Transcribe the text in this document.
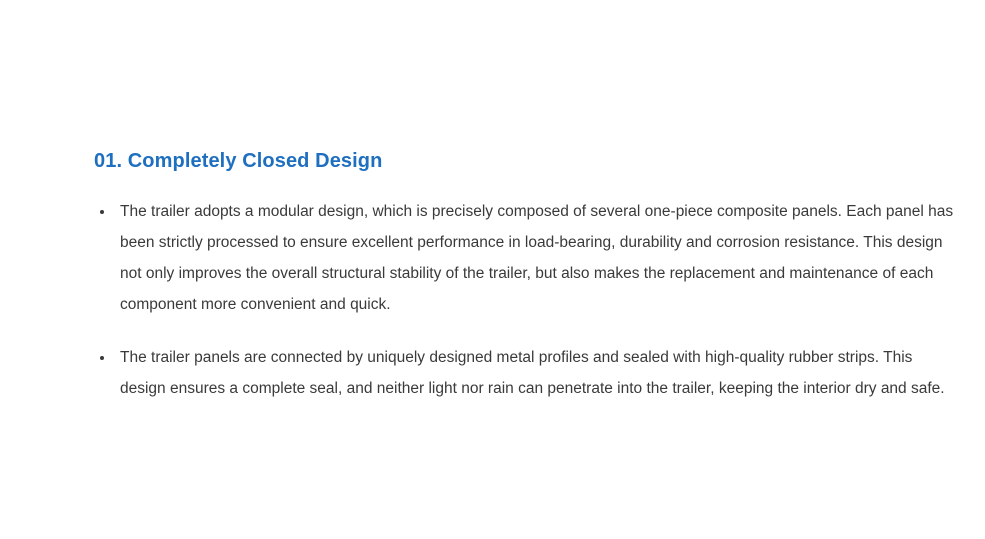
01. Completely Closed Design
The trailer adopts a modular design, which is precisely composed of several one-piece composite panels. Each panel has been strictly processed to ensure excellent performance in load-bearing, durability and corrosion resistance. This design not only improves the overall structural stability of the trailer, but also makes the replacement and maintenance of each component more convenient and quick.
The trailer panels are connected by uniquely designed metal profiles and sealed with high-quality rubber strips. This design ensures a complete seal, and neither light nor rain can penetrate into the trailer, keeping the interior dry and safe.
